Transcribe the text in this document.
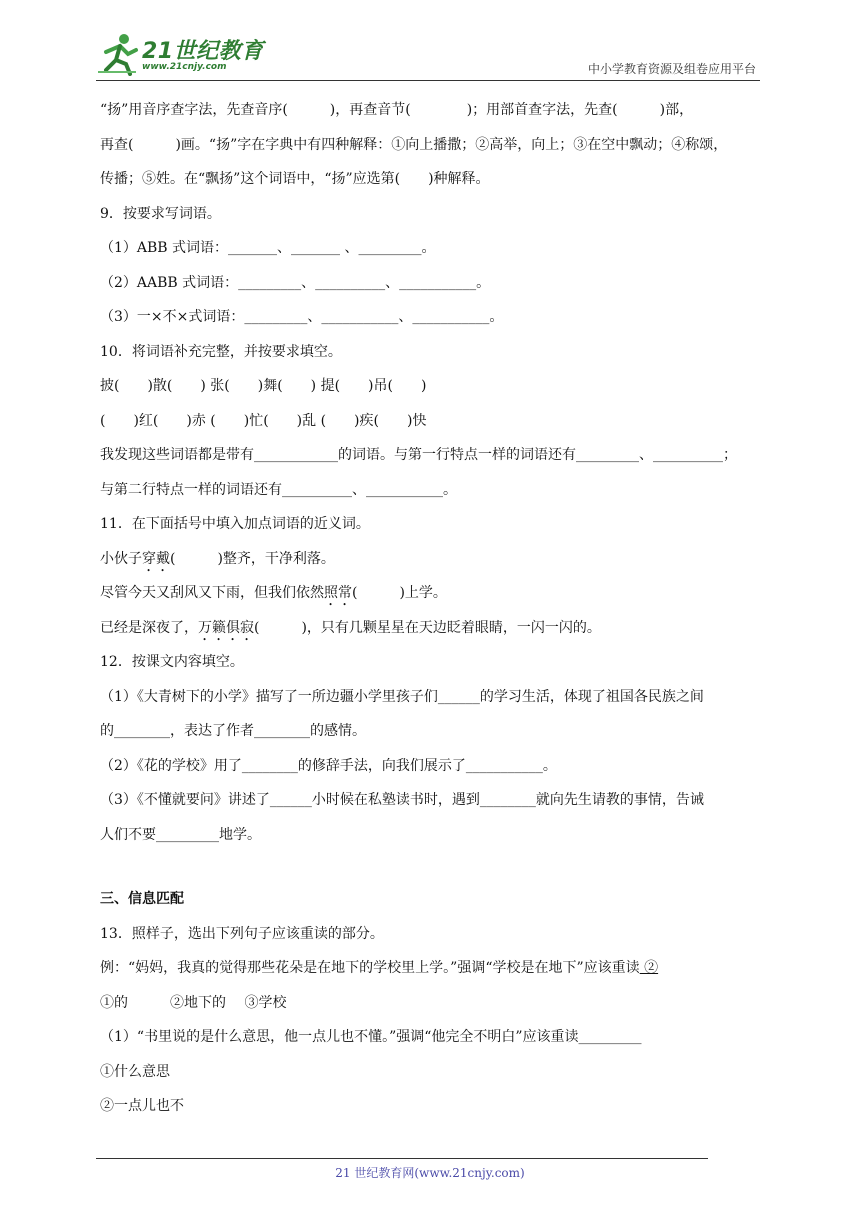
21世纪教育
www.21cnjy.com	中小学教育资源及组卷应用平台
“扬”用音序查字法，先查音序(　　　)，再查音节(　　　　)；用部首查字法，先查(　　　)部，
再查(　　　)画。“扬”字在字典中有四种解释：①向上播撒；②高举，向上；③在空中飘动；④称颂，
传播；⑤姓。在“飘扬”这个词语中，“扬”应选第(　　)种解释。
9．按要求写词语。
（1）ABB 式词语：_______、_______ 、_________。
（2）AABB 式词语：_________、__________、___________。
（3）一×不×式词语：_________、___________、___________。
10．将词语补充完整，并按要求填空。
披(　　)散(　　) 张(　　)舞(　　) 提(　　)吊(　　)
(　　)红(　　)赤 (　　)忙(　　)乱 (　　)疾(　　)快
我发现这些词语都是带有____________的词语。与第一行特点一样的词语还有_________、__________；
与第二行特点一样的词语还有__________、___________。
11．在下面括号中填入加点词语的近义词。
小伙子穿戴(　　　)整齐，干净利落。
尽管今天又刮风又下雨，但我们依然照常(　　　)上学。
已经是深夜了，万籁俱寂(　　　)，只有几颗星星在天边眨着眼睛，一闪一闪的。
12．按课文内容填空。
（1）《大青树下的小学》描写了一所边疆小学里孩子们______的学习生活，体现了祖国各民族之间
的________，表达了作者________的感情。
（2）《花的学校》用了________的修辞手法，向我们展示了___________。
（3）《不懂就要问》讲述了______小时候在私塾读书时，遇到________就向先生请教的事情，告诫
人们不要_________地学。
三、信息匹配
13．照样子，选出下列句子应该重读的部分。
例：“妈妈，我真的觉得那些花朵是在地下的学校里上学。”强调“学校是在地下”应该重读 ②
①的　　　②地下的　 ③学校
（1）“书里说的是什么意思，他一点儿也不懂。”强调“他完全不明白”应该重读_________
①什么意思
②一点儿也不
21 世纪教育网(www.21cnjy.com)
